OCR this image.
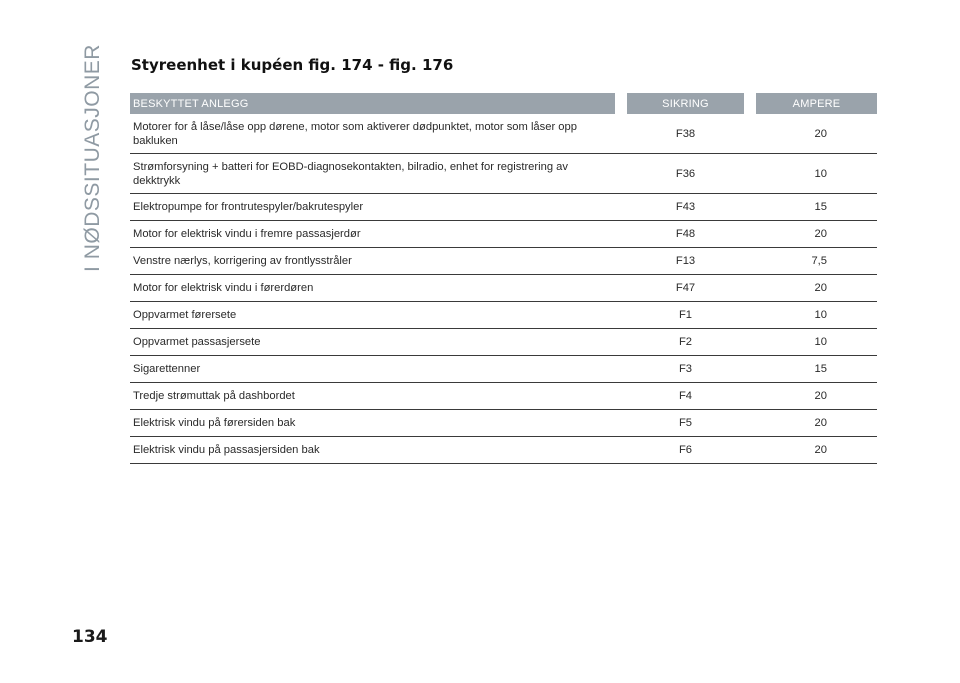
I NØDSSITUASJONER Styreenhet i kupéen fig. 174 - fig. 176
BESKYTTET ANLEGG		SIKRING		AMPERE
Motorer for å låse/låse opp dørene, motor som aktiverer dødpunktet, motor som låser opp bakluken		F38		20
Strømforsyning + batteri for EOBD-diagnosekontakten, bilradio, enhet for registrering av dekktrykk		F36		10
Elektropumpe for frontrutespyler/bakrutespyler		F43		15
Motor for elektrisk vindu i fremre passasjerdør		F48		20
Venstre nærlys, korrigering av frontlysstråler		F13		7,5
Motor for elektrisk vindu i førerdøren		F47		20
Oppvarmet førersete		F1		10
Oppvarmet passasjersete		F2		10
Sigarettenner		F3		15
Tredje strømuttak på dashbordet		F4		20
Elektrisk vindu på førersiden bak		F5		20
Elektrisk vindu på passasjersiden bak		F6		20
134
